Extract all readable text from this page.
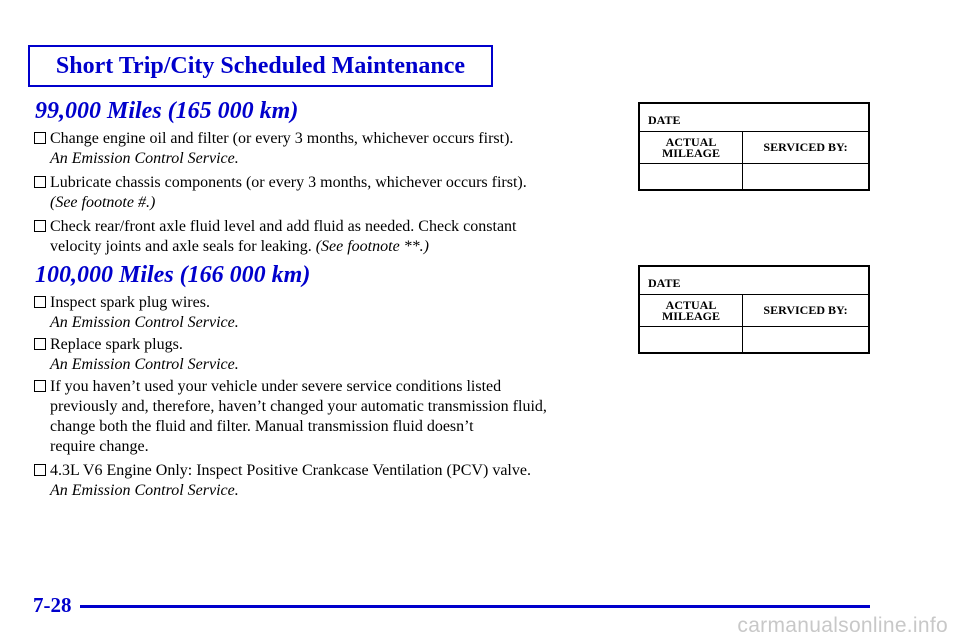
Short Trip/City Scheduled Maintenance
99,000 Miles (165 000 km)
Change engine oil and filter (or every 3 months, whichever occurs first).
An Emission Control Service.
Lubricate chassis components (or every 3 months, whichever occurs first).
(See footnote #.)
Check rear/front axle fluid level and add fluid as needed. Check constant
velocity joints and axle seals for leaking. (See footnote **.)
DATE
ACTUAL
MILEAGE	SERVICED BY:
100,000 Miles (166 000 km)
Inspect spark plug wires.
An Emission Control Service.
Replace spark plugs.
An Emission Control Service.
If you haven’t used your vehicle under severe service conditions listed
previously and, therefore, haven’t changed your automatic transmission fluid,
change both the fluid and filter. Manual transmission fluid doesn’t
require change.
4.3L V6 Engine Only: Inspect Positive Crankcase Ventilation (PCV) valve.
An Emission Control Service.
DATE
ACTUAL
MILEAGE	SERVICED BY:
7-28
carmanualsonline.info
